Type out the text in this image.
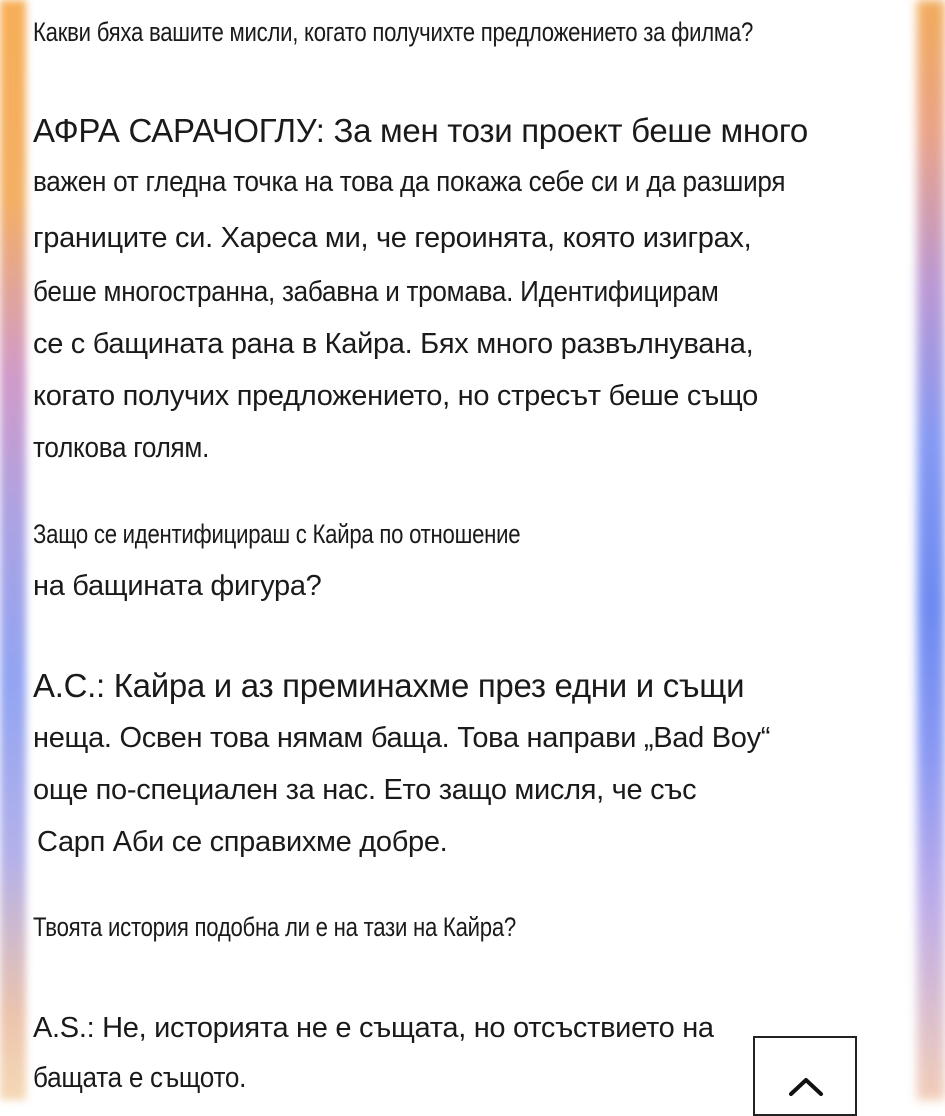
Какви бяха вашите мисли, когато получихте предложението за филма?
АФРА САРАЧОГЛУ: За мен този проект беше много
важен от гледна точка на това да покажа себе си и да разширя
границите си. Хареса ми, че героинята, която изиграх,
беше многостранна, забавна и тромава. Идентифицирам
се с бащината рана в Кайра. Бях много развълнувана,
когато получих предложението, но стресът беше също
толкова голям.
Защо се идентифицираш с Кайра по отношение
на бащината фигура?
А.С.: Кайра и аз преминахме през едни и същи
неща. Освен това нямам баща. Това направи „Bad Boy“
още по-специален за нас. Ето защо мисля, че със
Сарп Аби се справихме добре.
Твоята история подобна ли е на тази на Кайра?
A.S.: Не, историята не е същата, но отсъствието на
бащата е същото.
